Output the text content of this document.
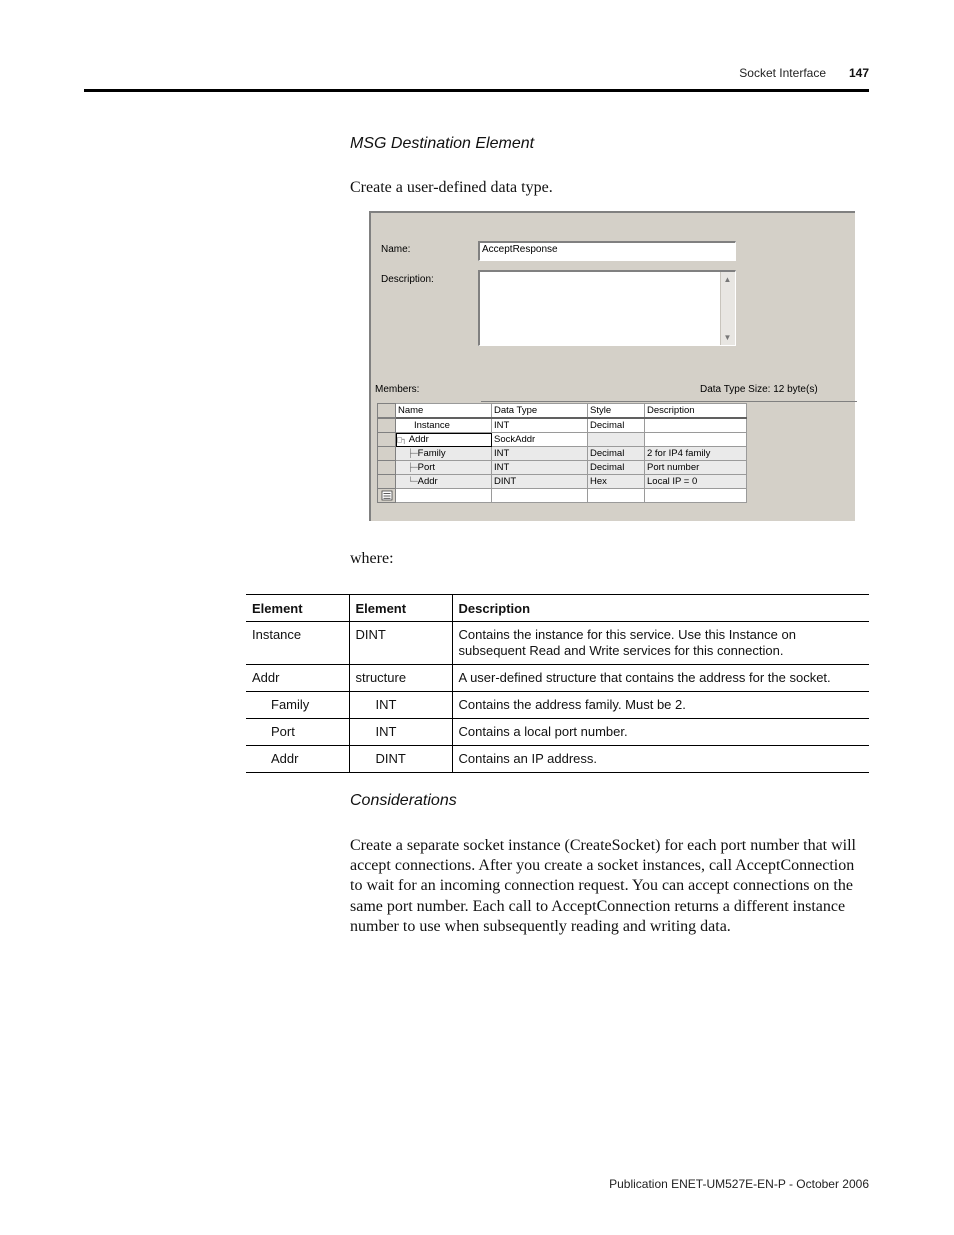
Socket Interface 147
MSG Destination Element
Create a user-defined data type.
Name:	AcceptResponse
Description:	▲
▼
Members:	Data Type Size: 12 byte(s)
	Name	Data Type	Style	Description
	Instance	INT	Decimal	
	□┐ Addr	SockAddr		
	├─Family	INT	Decimal	2 for IP4 family
	├─Port	INT	Decimal	Port number
	└─Addr	DINT	Hex	Local IP = 0

where:
Element	Element	Description
Instance	DINT	Contains the instance for this service. Use this Instance on subsequent Read and Write services for this connection.
Addr	structure	A user-defined structure that contains the address for the socket.
Family	INT	Contains the address family. Must be 2.
Port	INT	Contains a local port number.
Addr	DINT	Contains an IP address.
Considerations
Create a separate socket instance (CreateSocket) for each port number that will accept connections. After you create a socket instances, call AcceptConnection to wait for an incoming connection request. You can accept connections on the same port number. Each call to AcceptConnection returns a different instance number to use when subsequently reading and writing data.
Publication ENET-UM527E-EN-P - October 2006
